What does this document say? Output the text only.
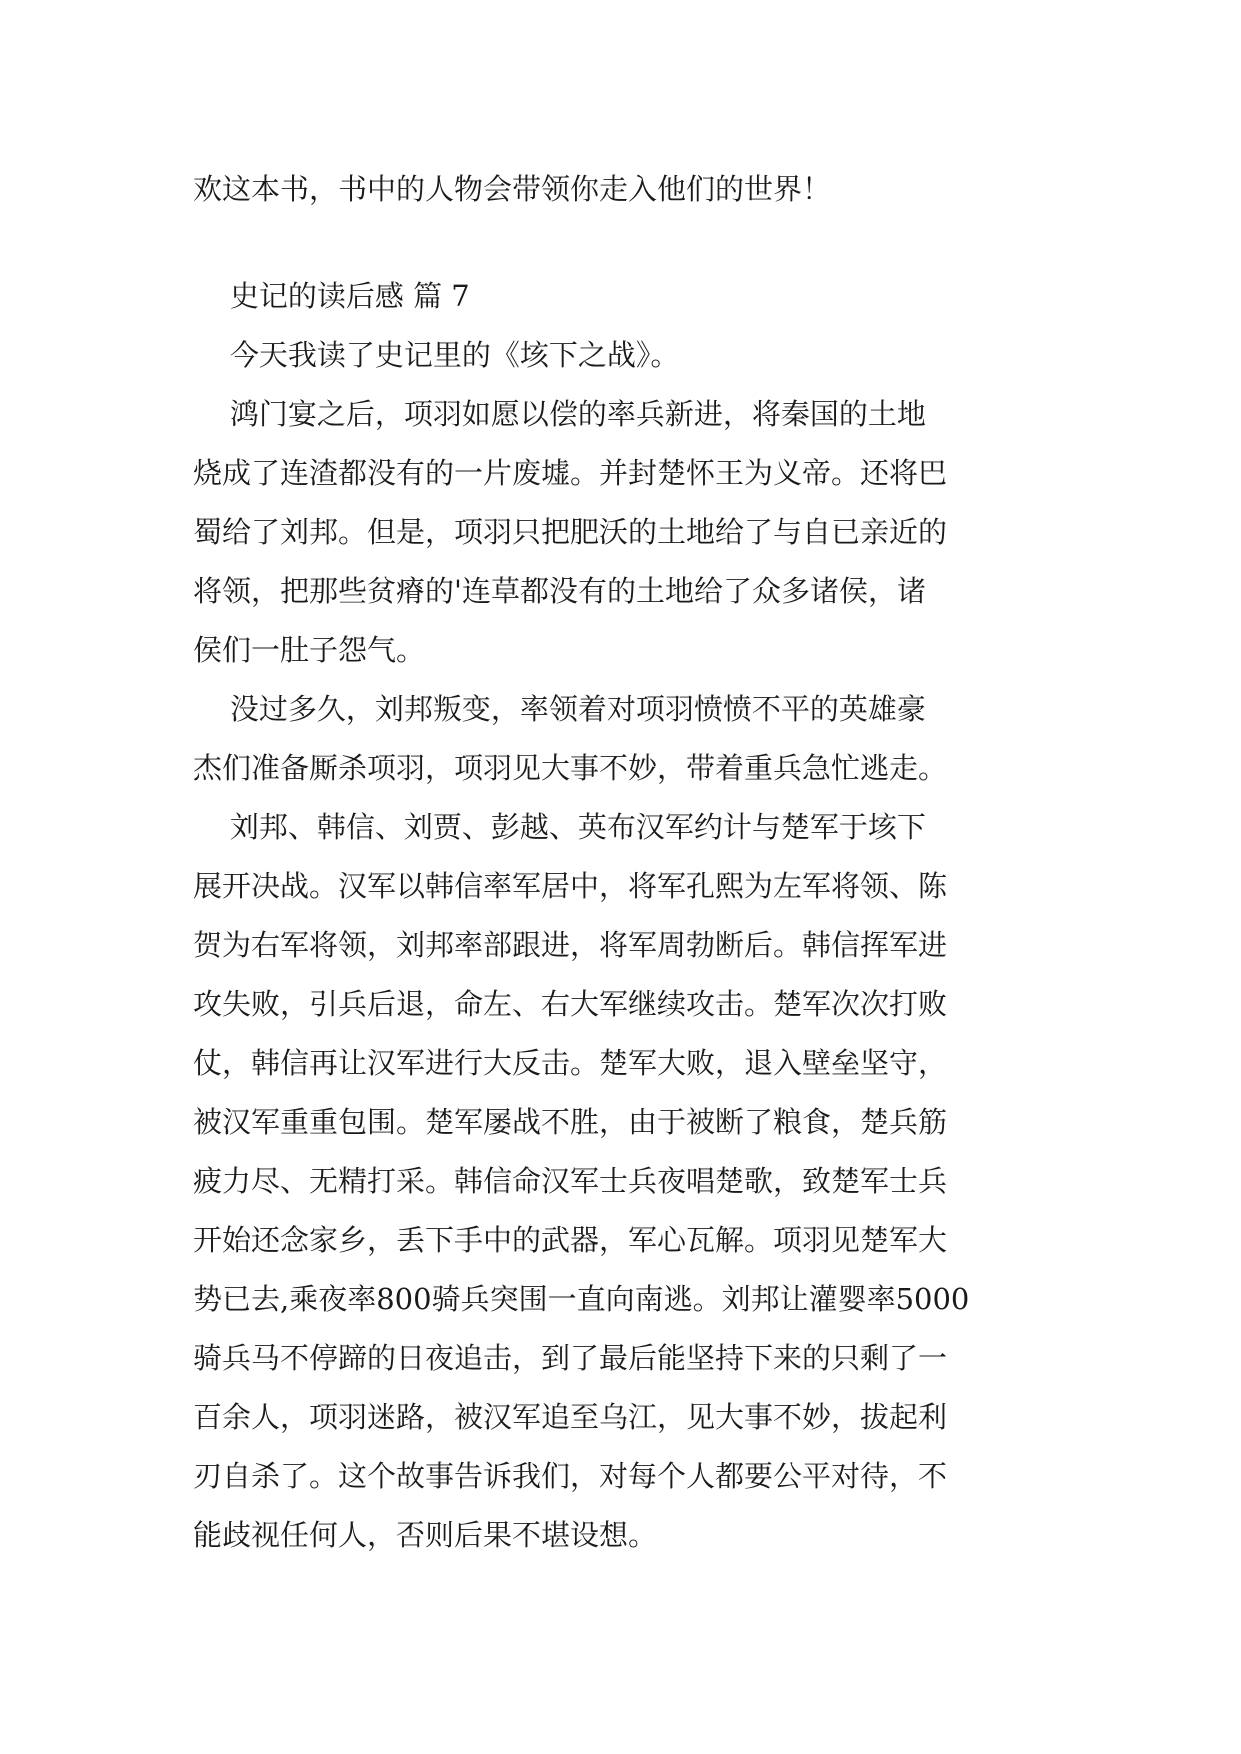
欢这本书，书中的人物会带领你走入他们的世界！
史记的读后感 篇 7
今天我读了史记里的《垓下之战》。
鸿门宴之后，项羽如愿以偿的率兵新进，将秦国的土地
烧成了连渣都没有的一片废墟。并封楚怀王为义帝。还将巴
蜀给了刘邦。但是，项羽只把肥沃的土地给了与自已亲近的
将领，把那些贫瘠的'连草都没有的土地给了众多诸侯，诸
侯们一肚子怨气。
没过多久，刘邦叛变，率领着对项羽愤愤不平的英雄豪
杰们准备厮杀项羽，项羽见大事不妙，带着重兵急忙逃走。
刘邦、韩信、刘贾、彭越、英布汉军约计与楚军于垓下
展开决战。汉军以韩信率军居中，将军孔熙为左军将领、陈
贺为右军将领，刘邦率部跟进，将军周勃断后。韩信挥军进
攻失败，引兵后退，命左、右大军继续攻击。楚军次次打败
仗，韩信再让汉军进行大反击。楚军大败，退入壁垒坚守，
被汉军重重包围。楚军屡战不胜，由于被断了粮食，楚兵筋
疲力尽、无精打采。韩信命汉军士兵夜唱楚歌，致楚军士兵
开始还念家乡，丢下手中的武器，军心瓦解。项羽见楚军大
势已去,乘夜率800骑兵突围一直向南逃。刘邦让灌婴率5000
骑兵马不停蹄的日夜追击，到了最后能坚持下来的只剩了一
百余人，项羽迷路，被汉军追至乌江，见大事不妙，拔起利
刃自杀了。这个故事告诉我们，对每个人都要公平对待，不
能歧视任何人，否则后果不堪设想。
